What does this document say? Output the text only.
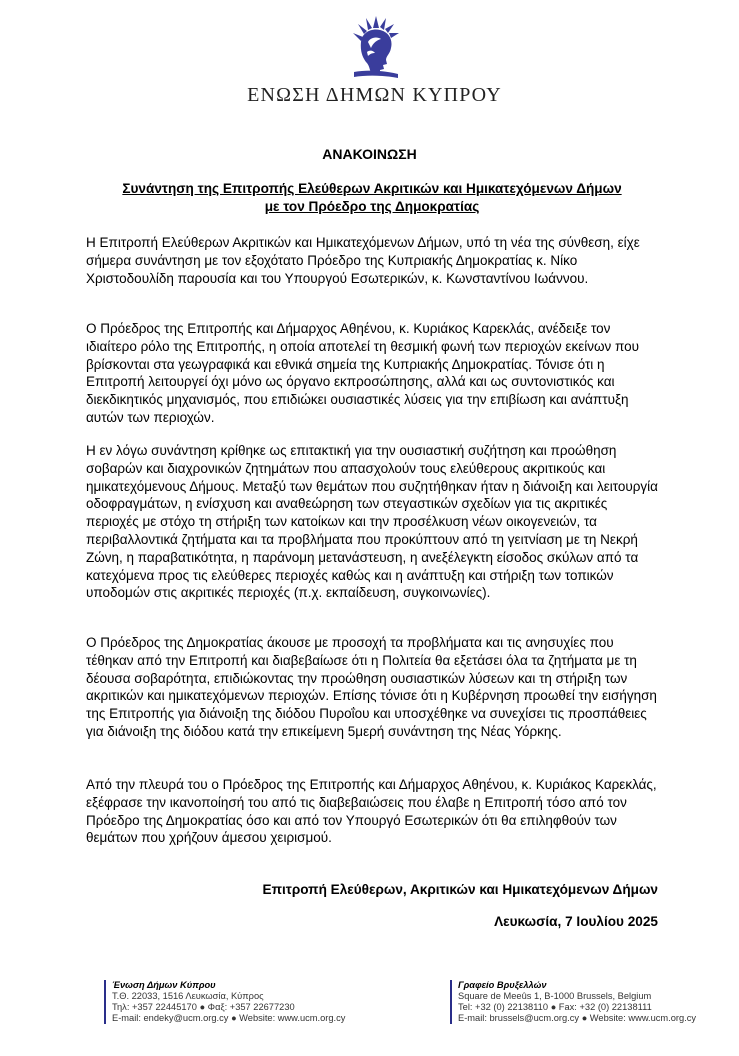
ΕΝΩΣΗ ΔΗΜΩΝ ΚΥΠΡΟΥ
ΑΝΑΚΟΙΝΩΣΗ
Συνάντηση της Επιτροπής Ελεύθερων Ακριτικών και Ημικατεχόμενων Δήμων
με τον Πρόεδρο της Δημοκρατίας

Η Επιτροπή Ελεύθερων Ακριτικών και Ημικατεχόμενων Δήμων, υπό τη νέα της σύνθεση, είχε σήμερα συνάντηση με τον εξοχότατο Πρόεδρο της Κυπριακής Δημοκρατίας κ. Νίκο Χριστοδουλίδη παρουσία και του Υπουργού Εσωτερικών, κ. Κωνσταντίνου Ιωάννου.

Ο Πρόεδρος της Επιτροπής και Δήμαρχος Αθηένου, κ. Κυριάκος Καρεκλάς, ανέδειξε τον ιδιαίτερο ρόλο της Επιτροπής, η οποία αποτελεί τη θεσμική φωνή των περιοχών εκείνων που βρίσκονται στα γεωγραφικά και εθνικά σημεία της Κυπριακής Δημοκρατίας. Τόνισε ότι η Επιτροπή λειτουργεί όχι μόνο ως όργανο εκπροσώπησης, αλλά και ως συντονιστικός και διεκδικητικός μηχανισμός, που επιδιώκει ουσιαστικές λύσεις για την επιβίωση και ανάπτυξη αυτών των περιοχών.

Η εν λόγω συνάντηση κρίθηκε ως επιτακτική για την ουσιαστική συζήτηση και προώθηση σοβαρών και διαχρονικών ζητημάτων που απασχολούν τους ελεύθερους ακριτικούς και ημικατεχόμενους Δήμους. Μεταξύ των θεμάτων που συζητήθηκαν ήταν η διάνοιξη και λειτουργία οδοφραγμάτων, η ενίσχυση και αναθεώρηση των στεγαστικών σχεδίων για τις ακριτικές περιοχές με στόχο τη στήριξη των κατοίκων και την προσέλκυση νέων οικογενειών, τα περιβαλλοντικά ζητήματα και τα προβλήματα που προκύπτουν από τη γειτνίαση με τη Νεκρή Ζώνη, η παραβατικότητα, η παράνομη μετανάστευση, η ανεξέλεγκτη είσοδος σκύλων από τα κατεχόμενα προς τις ελεύθερες περιοχές καθώς και η ανάπτυξη και στήριξη των τοπικών υποδομών στις ακριτικές περιοχές (π.χ. εκπαίδευση, συγκοινωνίες).

Ο Πρόεδρος της Δημοκρατίας άκουσε με προσοχή τα προβλήματα και τις ανησυχίες που τέθηκαν από την Επιτροπή και διαβεβαίωσε ότι η Πολιτεία θα εξετάσει όλα τα ζητήματα με τη δέουσα σοβαρότητα, επιδιώκοντας την προώθηση ουσιαστικών λύσεων και τη στήριξη των ακριτικών και ημικατεχόμενων περιοχών. Επίσης τόνισε ότι η Κυβέρνηση προωθεί την εισήγηση της Επιτροπής για διάνοιξη της διόδου Πυροΐου και υποσχέθηκε να συνεχίσει τις προσπάθειες για διάνοιξη της διόδου κατά την επικείμενη 5μερή συνάντηση της Νέας Υόρκης.

Από την πλευρά του ο Πρόεδρος της Επιτροπής και Δήμαρχος Αθηένου, κ. Κυριάκος Καρεκλάς, εξέφρασε την ικανοποίησή του από τις διαβεβαιώσεις που έλαβε η Επιτροπή τόσο από τον Πρόεδρο της Δημοκρατίας όσο και από τον Υπουργό Εσωτερικών ότι θα επιληφθούν των θεμάτων που χρήζουν άμεσου χειρισμού.

Επιτροπή Ελεύθερων, Ακριτικών και Ημικατεχόμενων Δήμων
Λευκωσία, 7 Ιουλίου 2025
Ένωση Δήμων Κύπρου
Τ.Θ. 22033, 1516 Λευκωσία, Κύπρος
Τηλ: +357 22445170 ● Φαξ: +357 22677230
E-mail: endeky@ucm.org.cy ● Website: www.ucm.org.cy
Γραφείο Βρυξελλών
Square de Meeûs 1, B-1000 Brussels, Belgium
Tel: +32 (0) 22138110 ● Fax: +32 (0) 22138111
E-mail: brussels@ucm.org.cy ● Website: www.ucm.org.cy
